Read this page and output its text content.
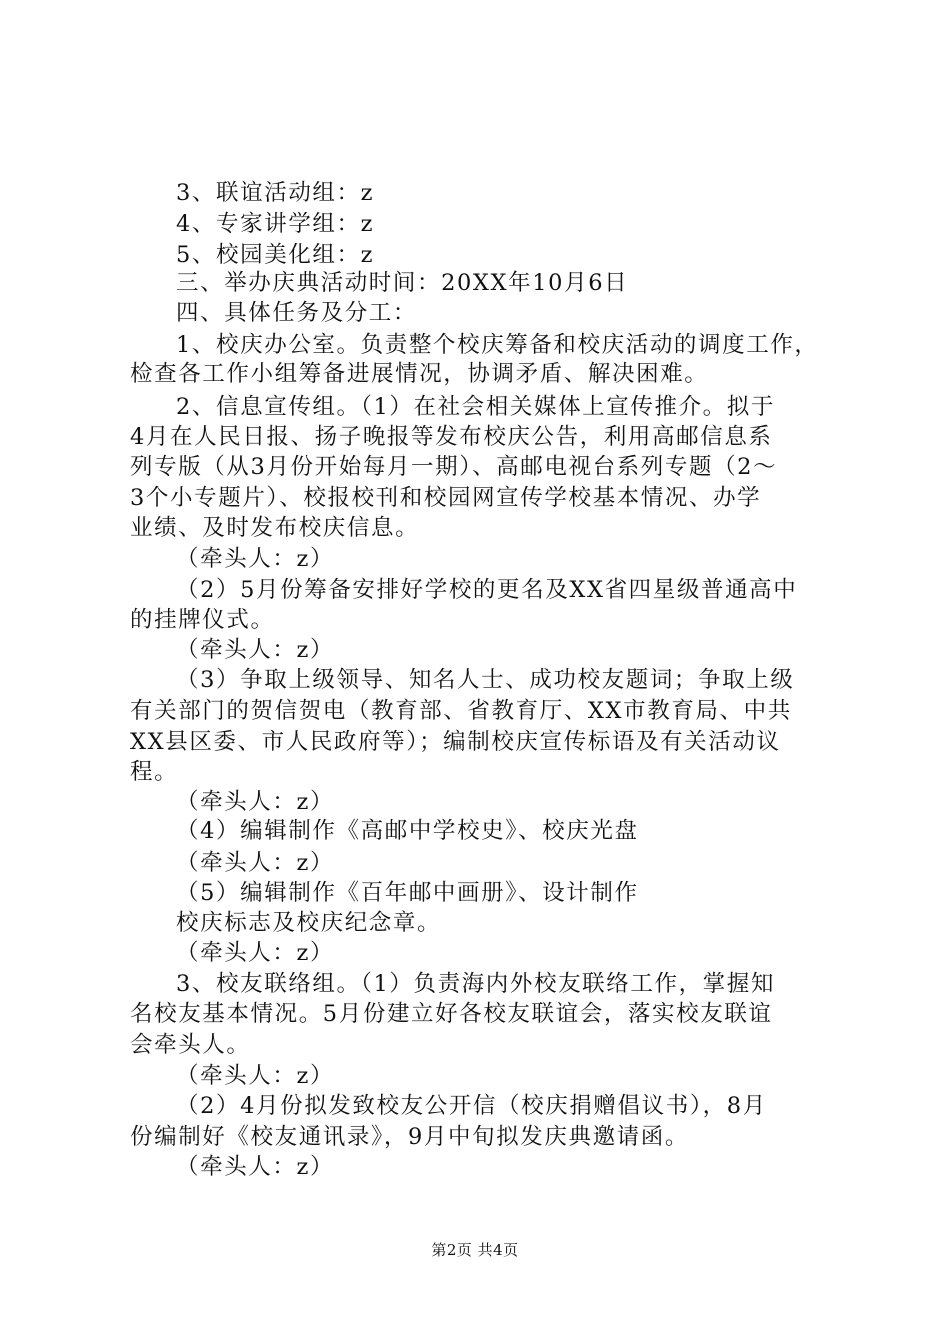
3、联谊活动组：z
4、专家讲学组：z
5、校园美化组：z
三、举办庆典活动时间：20XX年10月6日
四、具体任务及分工：
1、校庆办公室。负责整个校庆筹备和校庆活动的调度工作，
检查各工作小组筹备进展情况，协调矛盾、解决困难。
2、信息宣传组。（1）在社会相关媒体上宣传推介。拟于
4月在人民日报、扬子晚报等发布校庆公告，利用高邮信息系
列专版（从3月份开始每月一期）、高邮电视台系列专题（2～
3个小专题片）、校报校刊和校园网宣传学校基本情况、办学
业绩、及时发布校庆信息。
（牵头人：z）
（2）5月份筹备安排好学校的更名及XX省四星级普通高中
的挂牌仪式。
（牵头人：z）
（3）争取上级领导、知名人士、成功校友题词；争取上级
有关部门的贺信贺电（教育部、省教育厅、XX市教育局、中共
XX县区委、市人民政府等）；编制校庆宣传标语及有关活动议
程。
（牵头人：z）
（4）编辑制作《高邮中学校史》、校庆光盘
（牵头人：z）
（5）编辑制作《百年邮中画册》、设计制作
校庆标志及校庆纪念章。
（牵头人：z）
3、校友联络组。（1）负责海内外校友联络工作，掌握知
名校友基本情况。5月份建立好各校友联谊会，落实校友联谊
会牵头人。
（牵头人：z）
（2）4月份拟发致校友公开信（校庆捐赠倡议书），8月
份编制好《校友通讯录》，9月中旬拟发庆典邀请函。
（牵头人：z）
第2页 共4页
